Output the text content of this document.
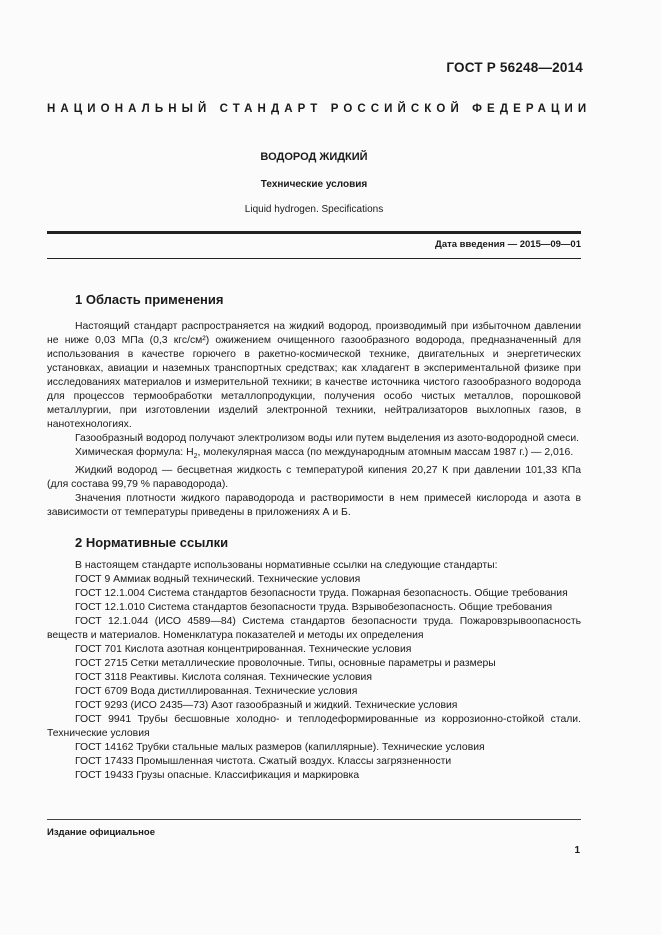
ГОСТ Р 56248—2014
НАЦИОНАЛЬНЫЙ СТАНДАРТ РОССИЙСКОЙ ФЕДЕРАЦИИ
ВОДОРОД ЖИДКИЙ
Технические условия
Liquid hydrogen. Specifications
Дата введения — 2015—09—01
1 Область применения

Настоящий стандарт распространяется на жидкий водород, производимый при избыточном давлении не ниже 0,03 МПа (0,3 кгс/см²) ожижением очищенного газообразного водорода, предназначенный для использования в качестве горючего в ракетно-космической технике, двигательных и энергетических установках, авиации и наземных транспортных средствах; как хладагент в экспериментальной физике при исследованиях материалов и измерительной техники; в качестве источника чистого газообразного водорода для процессов термообработки металлопродукции, получения особо чистых металлов, порошковой металлургии, при изготовлении изделий электронной техники, нейтрализаторов выхлопных газов, в нанотехнологиях.

Газообразный водород получают электролизом воды или путем выделения из азото-водородной смеси.

Химическая формула: $H_2$, молекулярная масса (по международным атомным массам 1987 г.) — 2,016.

Жидкий водород — бесцветная жидкость с температурой кипения 20,27 К при давлении 101,33 КПа (для состава 99,79 % параводорода).

Значения плотности жидкого параводорода и растворимости в нем примесей кислорода и азота в зависимости от температуры приведены в приложениях А и Б.

2 Нормативные ссылки

В настоящем стандарте использованы нормативные ссылки на следующие стандарты:

ГОСТ 9 Аммиак водный технический. Технические условия

ГОСТ 12.1.004 Система стандартов безопасности труда. Пожарная безопасность. Общие требования

ГОСТ 12.1.010 Система стандартов безопасности труда. Взрывобезопасность. Общие требования

ГОСТ 12.1.044 (ИСО 4589—84) Система стандартов безопасности труда. Пожаровзрывоопасность веществ и материалов. Номенклатура показателей и методы их определения

ГОСТ 701 Кислота азотная концентрированная. Технические условия

ГОСТ 2715 Сетки металлические проволочные. Типы, основные параметры и размеры

ГОСТ 3118 Реактивы. Кислота соляная. Технические условия

ГОСТ 6709 Вода дистиллированная. Технические условия

ГОСТ 9293 (ИСО 2435—73) Азот газообразный и жидкий. Технические условия

ГОСТ 9941 Трубы бесшовные холодно- и теплодеформированные из коррозионно-стойкой стали. Технические условия

ГОСТ 14162 Трубки стальные малых размеров (капиллярные). Технические условия

ГОСТ 17433 Промышленная чистота. Сжатый воздух. Классы загрязненности

ГОСТ 19433 Грузы опасные. Классификация и маркировка

Издание официальное
1
